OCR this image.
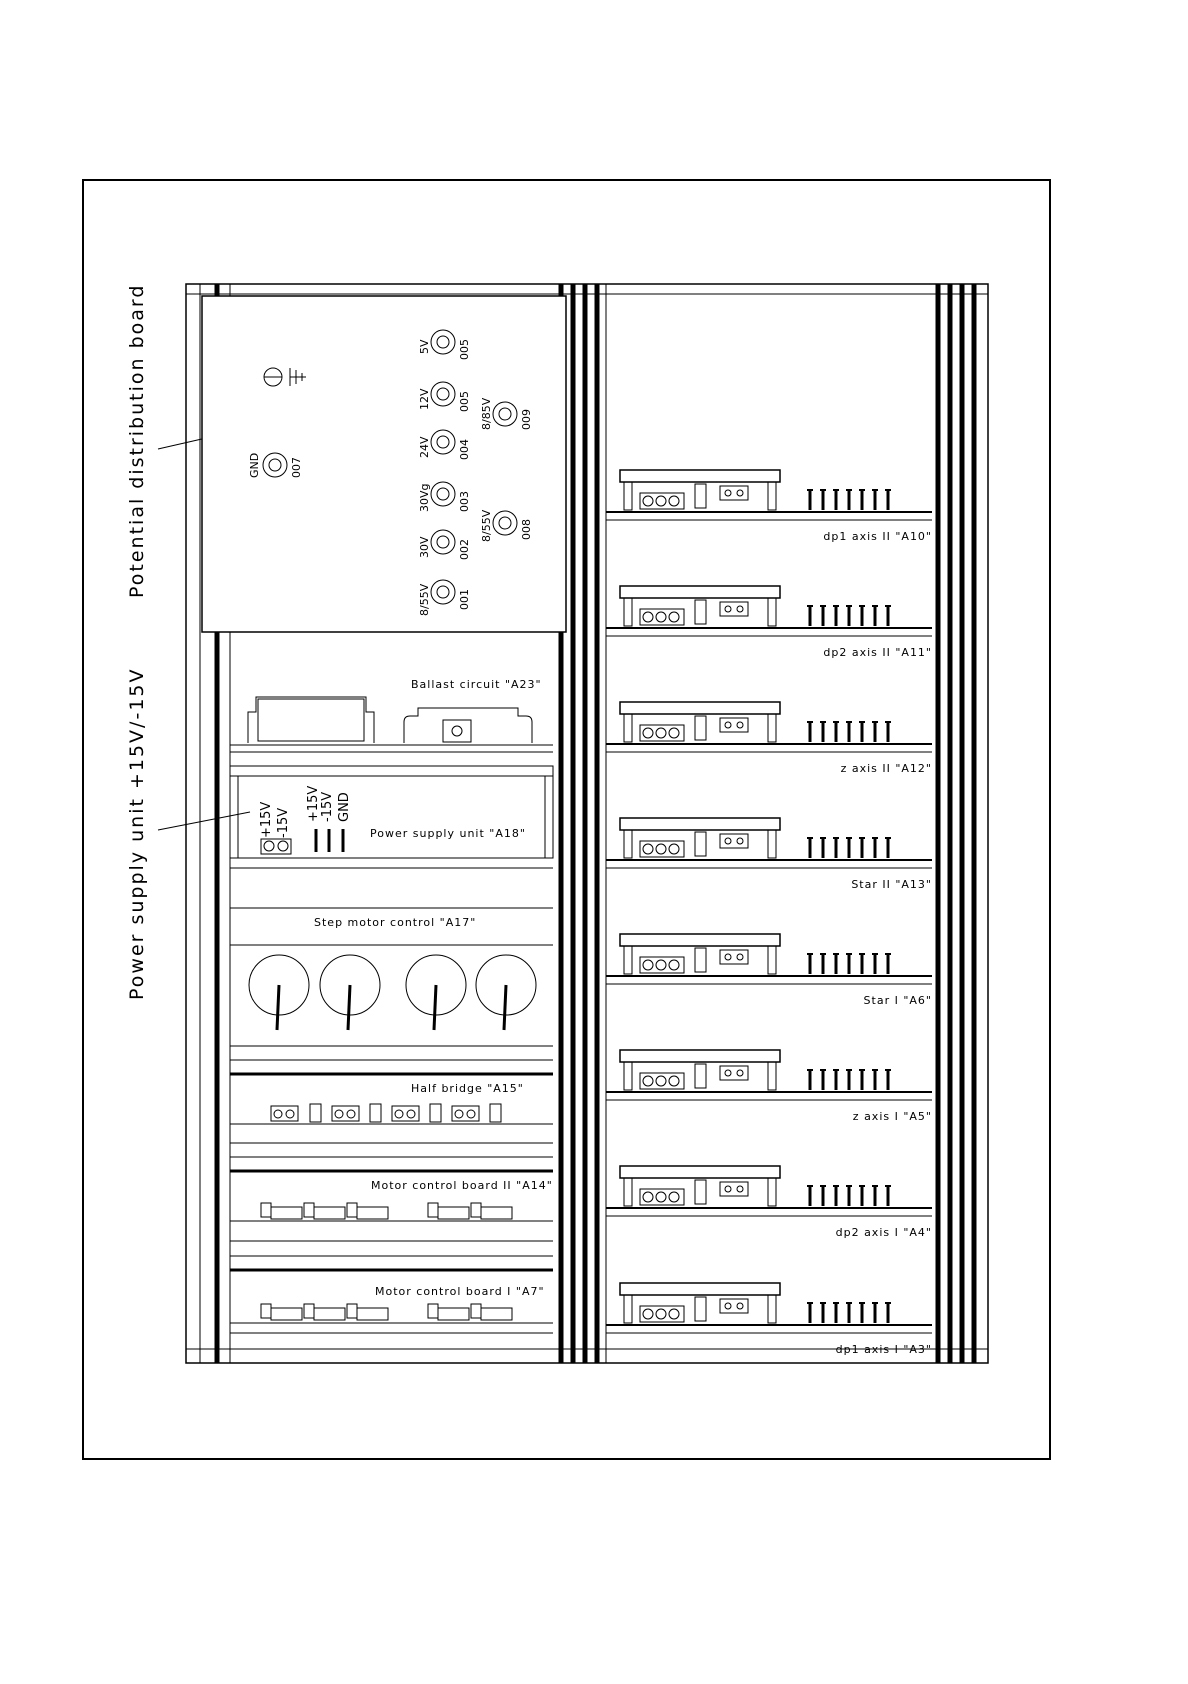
Potential distribution board
Power supply unit +15V/-15V
GND	007
5V 005
12V 005
24V 004
30Vg 003
30V 002
8/55V 001
8/85V 009
8/55V 008
Ballast circuit "A23"
+15V -15V
+15V -15V GND
Power supply unit "A18"
Step motor control "A17"
Half bridge "A15"
Motor control board II "A14"
Motor control board I "A7"
dp1 axis II "A10"
dp2 axis II "A11"
z axis II "A12"
Star II "A13"
Star I "A6"
z axis I "A5"
dp2 axis I "A4"
dp1 axis I "A3"
